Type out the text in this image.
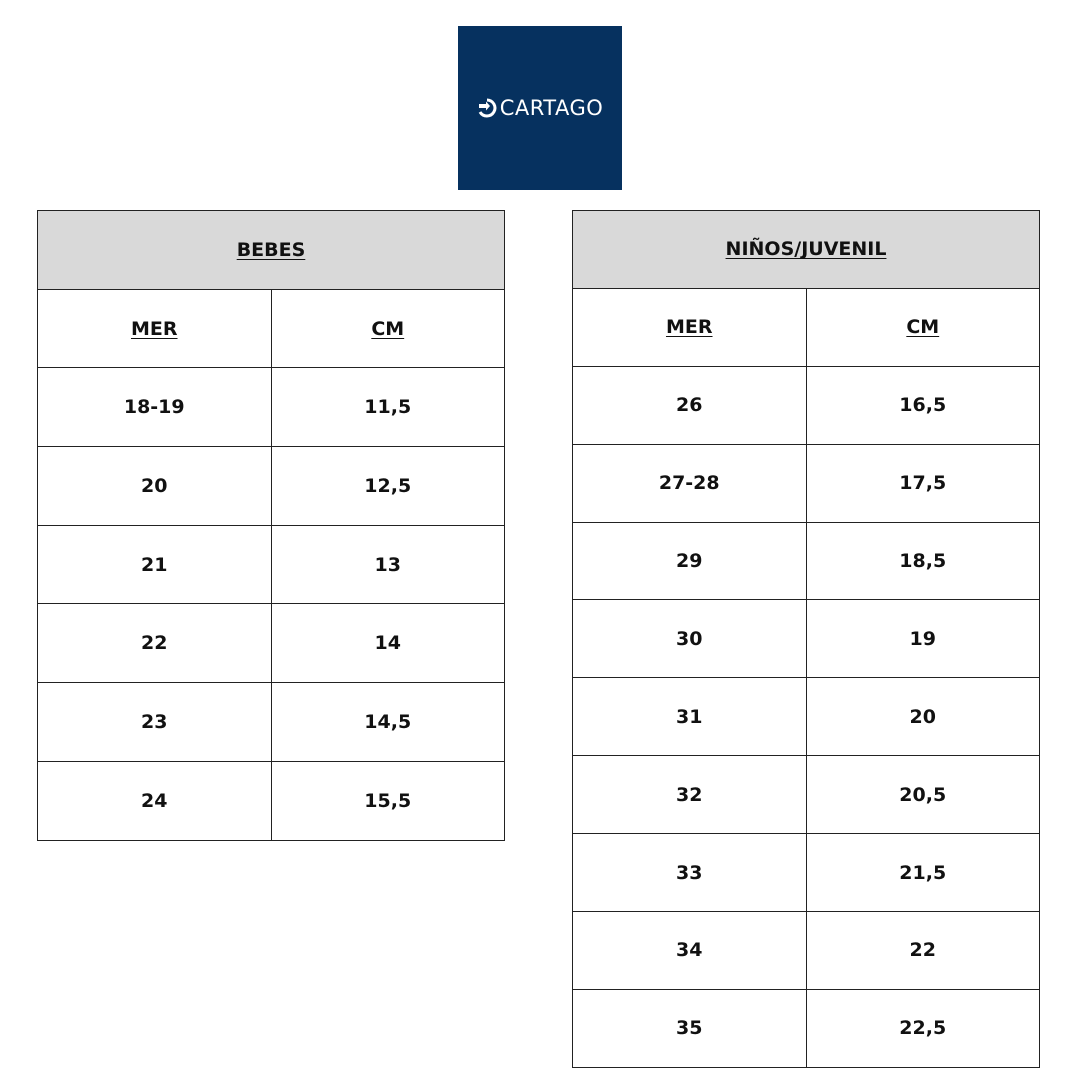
CARTAGO
BEBES	
MER	CM
18-19	11,5
20	12,5
21	13
22	14
23	14,5
24	15,5
NIÑOS/JUVENIL	
MER	CM
26	16,5
27-28	17,5
29	18,5
30	19
31	20
32	20,5
33	21,5
34	22
35	22,5
